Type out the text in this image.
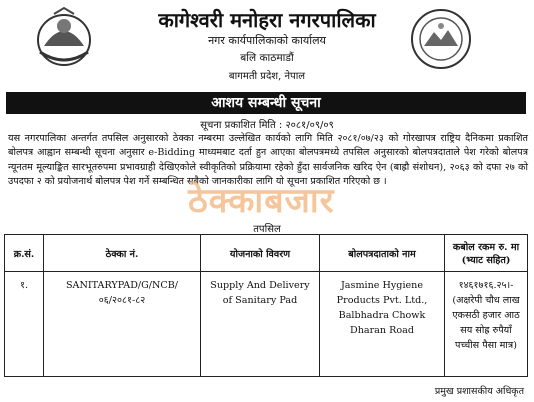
कागेश्वरी मनोहरा नगरपालिका
नगर कार्यपालिकाको कार्यालय
बलि काठमाडौं
बागमती प्रदेश, नेपाल
आशय सम्बन्धी सूचना
सूचना प्रकाशित मिति : २०८१/०९/०९
यस नगरपालिका अन्तर्गत तपसिल अनुसारको ठेक्का नम्बरमा उल्लेखित कार्यको लागि मिति २०८१/०७/२३ को गोरखापत्र राष्ट्रिय दैनिकमा प्रकाशित बोलपत्र आह्वान सम्बन्धी सूचना अनुसार e-Bidding माध्यमबाट दर्ता हुन आएका बोलपत्रमध्ये तपसिल अनुसारको बोलपत्रदाताले पेश गरेको बोलपत्र न्यूनतम मूल्याङ्कित सारभूतरुपमा प्रभावग्राही देखिएकोले स्वीकृतिको प्रक्रियामा रहेको हुँदा सार्वजनिक खरिद ऐन (बाह्रौ संशोधन), २०६३ को दफा २७ को उपदफा २ को प्रयोजनार्थ बोलपत्र पेश गर्ने सम्बन्धित सबैको जानकारीका लागि यो सूचना प्रकाशित गरिएको छ ।
ठेक्काबजार
तपसिल
क्र.सं.	ठेक्का नं.	योजनाको विवरण	बोलपत्रदाताको नाम	कबोल रकम रु. मा (भ्याट सहित)
१.	SANITARYPAD/G/NCB/०६/२०८१-८२	Supply And Delivery of Sanitary Pad	Jasmine Hygiene Products Pvt. Ltd., Balbhadra Chowk Dharan Road	१४६१७१६.२५।- (अक्षरेपी चौध लाख एकसठी हजार आठ सय सोह्र रुपैयाँ पच्चीस पैसा मात्र)
प्रमुख प्रशासकीय अधिकृत
